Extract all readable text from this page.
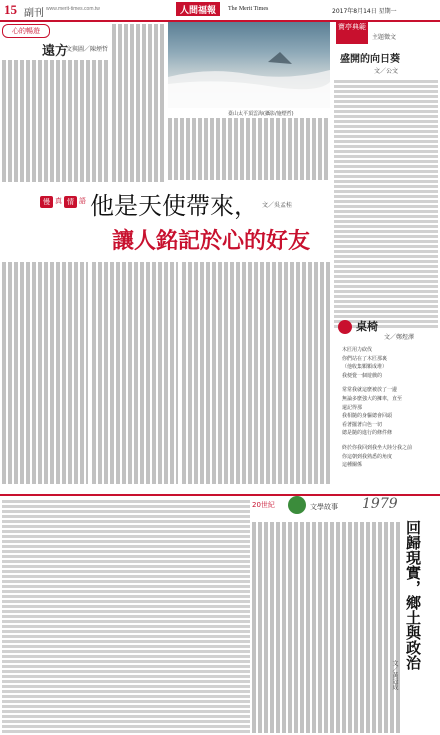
15 副刊 www.merit-times.com.tw	人間福報	The Merit Times	2017年8月14日 星期一
心的暢遊
遠方
文與圖／陳煙哲
臺山太平頂雲海(攝影/施煙哲)
寶亭典範
主題徵文
盛開的向日葵
文／公文
慢 真 情 語 他是天使帶來， 文／吳孟桂
讓人銘記於心的好友
桌椅
文／鄭煜澤
木匠用力砍伐
你們站在了木匠那裏
（他收集顆顆成堆）
我便覺一個遊戲的
常常我就這麼被放了一邊
無論多麼強大的擁車，直至
還記得那
我相隨的身軀總會回頭
看著擺著白色一切
總是隨的進行的條件條
終於你我回到我坐大陸分我之前
你這朝到我熟悉的角度
這種關係
20世紀	文學故事 1979
回歸現實，鄉土與政治
文／黃冠成
